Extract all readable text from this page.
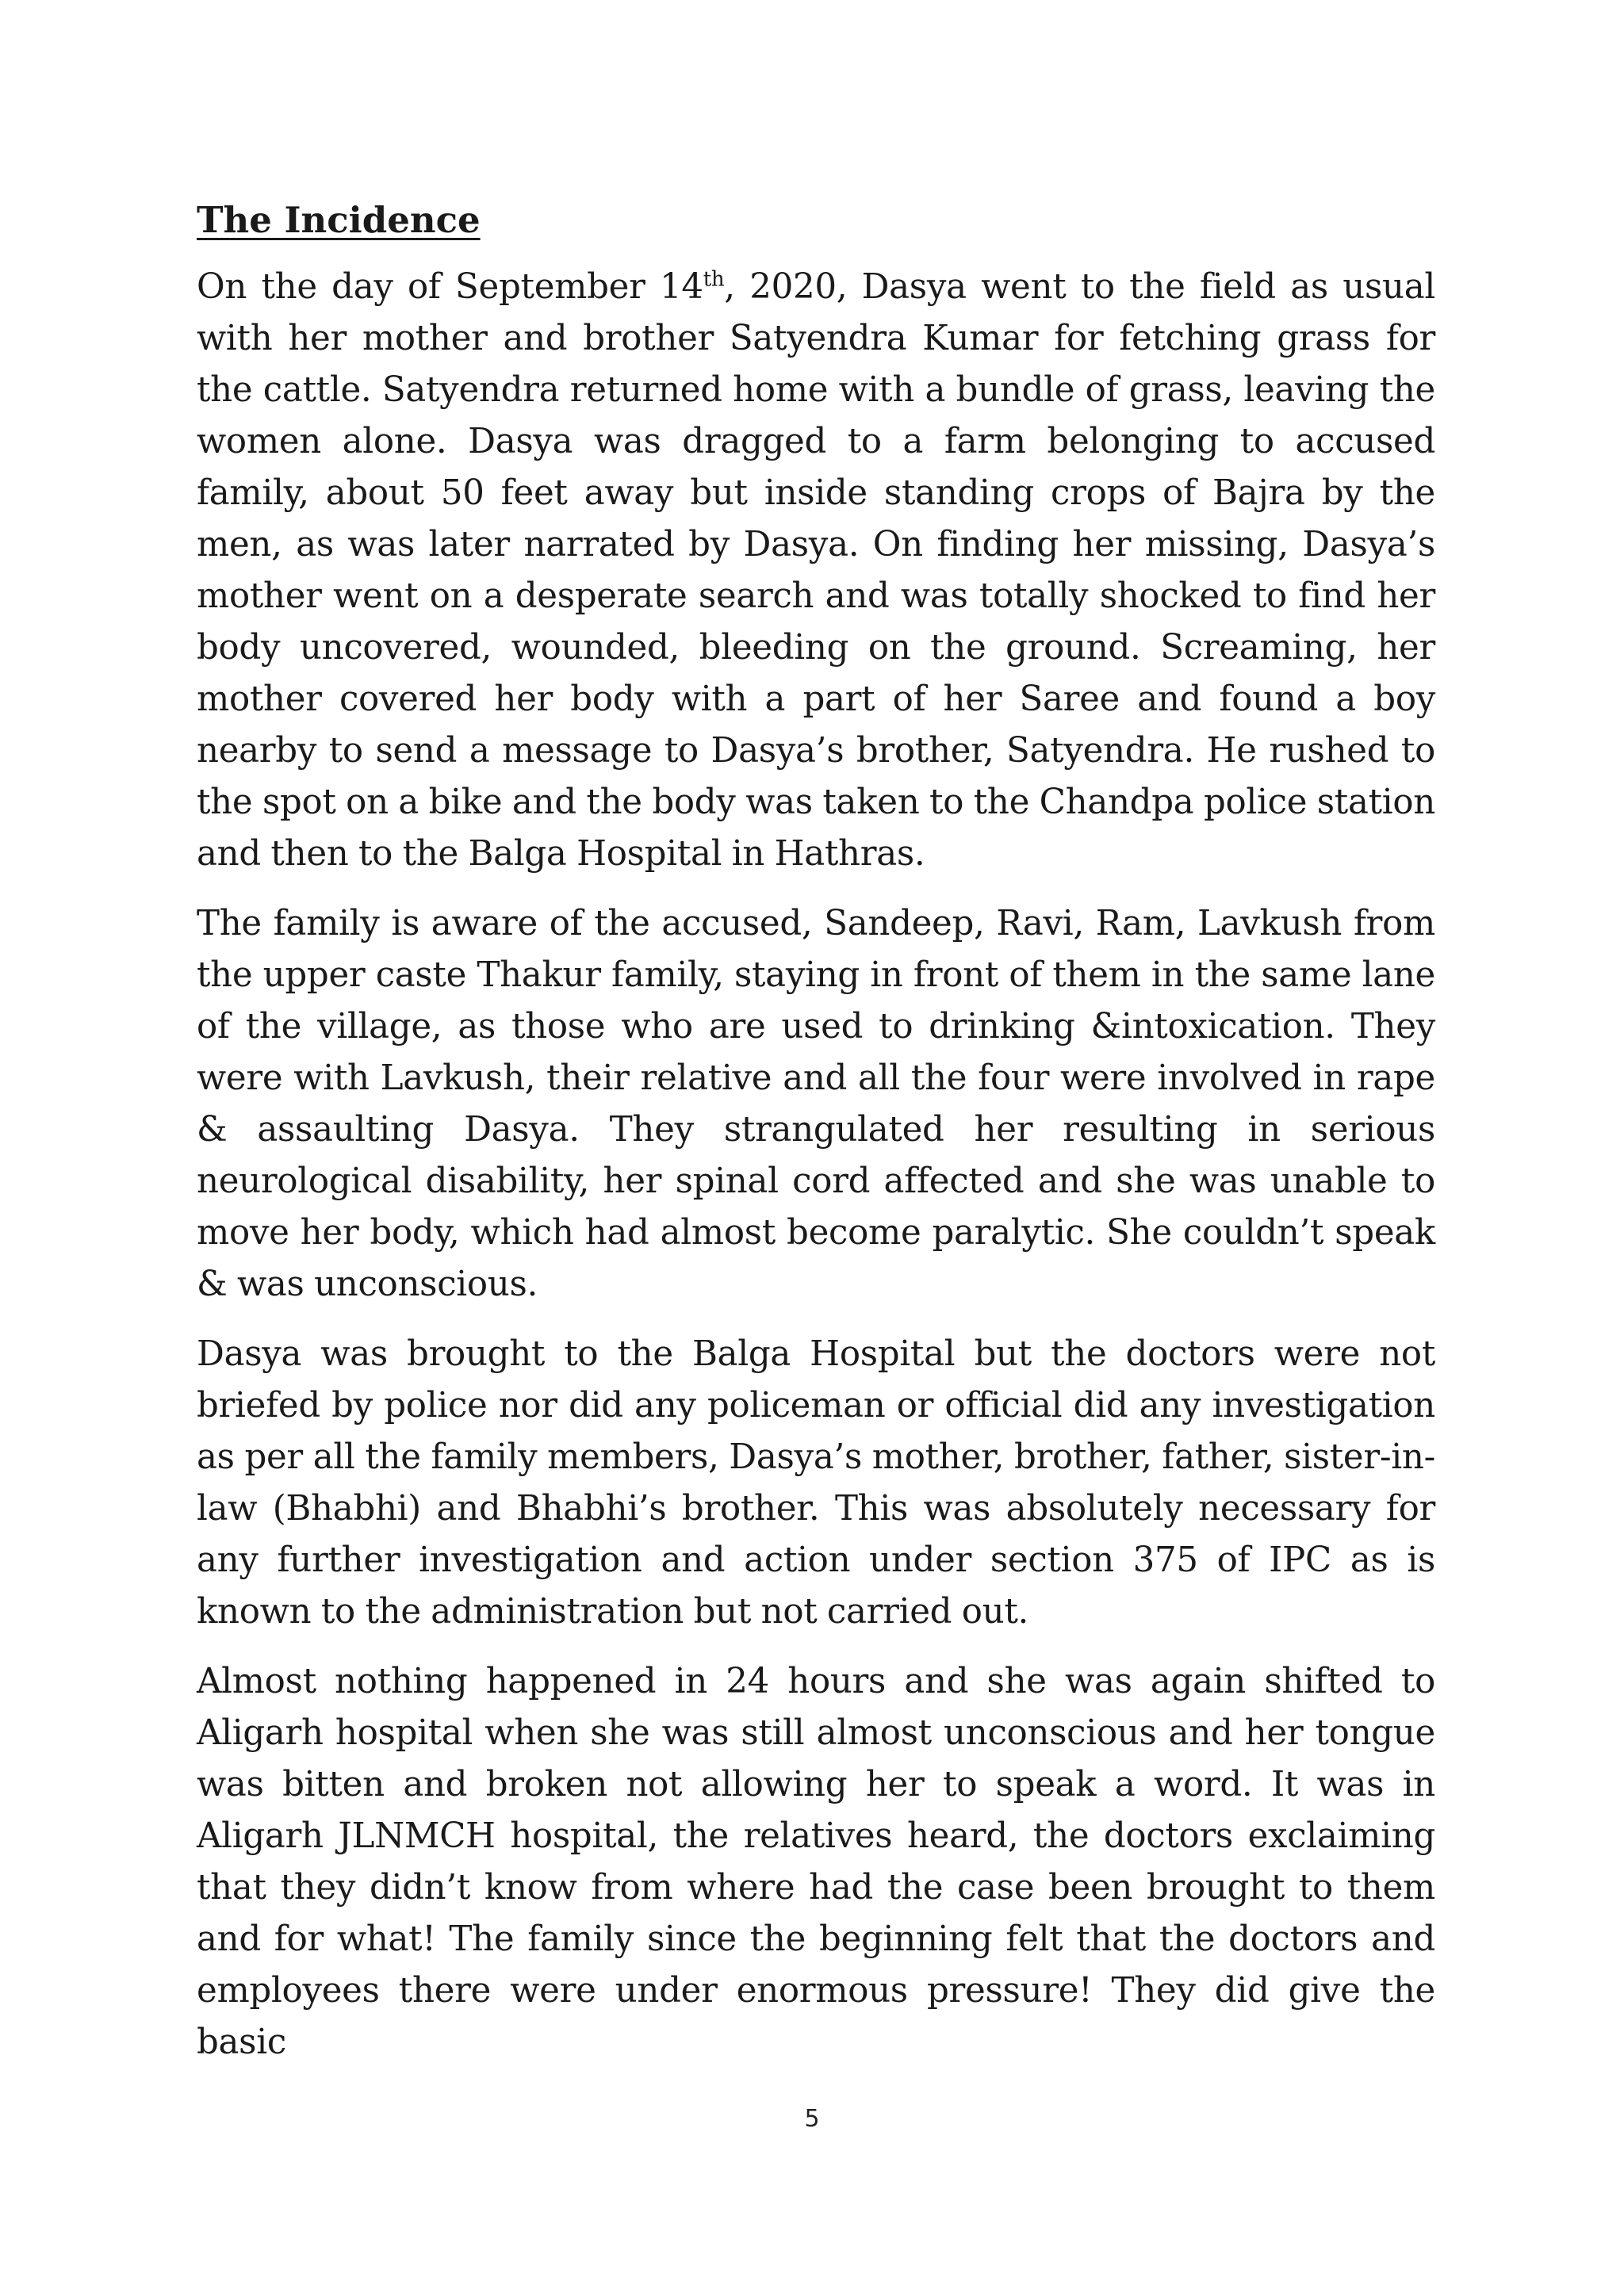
The Incidence

On the day of September 14th, 2020, Dasya went to the field as usual with her mother and brother Satyendra Kumar for fetching grass for the cattle. Satyendra returned home with a bundle of grass, leaving the women alone. Dasya was dragged to a farm belonging to accused family, about 50 feet away but inside standing crops of Bajra by the men, as was later narrated by Dasya. On finding her missing, Dasya’s mother went on a desperate search and was totally shocked to find her body uncovered, wounded, bleeding on the ground. Screaming, her mother covered her body with a part of her Saree and found a boy nearby to send a message to Dasya’s brother, Satyendra. He rushed to the spot on a bike and the body was taken to the Chandpa police station and then to the Balga Hospital in Hathras.

The family is aware of the accused, Sandeep, Ravi, Ram, Lavkush from the upper caste Thakur family, staying in front of them in the same lane of the village, as those who are used to drinking &intoxication. They were with Lavkush, their relative and all the four were involved in rape & assaulting Dasya. They strangulated her resulting in serious neurological disability, her spinal cord affected and she was unable to move her body, which had almost become paralytic. She couldn’t speak & was unconscious.

Dasya was brought to the Balga Hospital but the doctors were not briefed by police nor did any policeman or official did any investigation as per all the family members, Dasya’s mother, brother, father, sister-in-law (Bhabhi) and Bhabhi’s brother. This was absolutely necessary for any further investigation and action under section 375 of IPC as is known to the administration but not carried out.

Almost nothing happened in 24 hours and she was again shifted to Aligarh hospital when she was still almost unconscious and her tongue was bitten and broken not allowing her to speak a word. It was in Aligarh JLNMCH hospital, the relatives heard, the doctors exclaiming that they didn’t know from where had the case been brought to them and for what! The family since the beginning felt that the doctors and employees there were under enormous pressure! They did give the basic

5
